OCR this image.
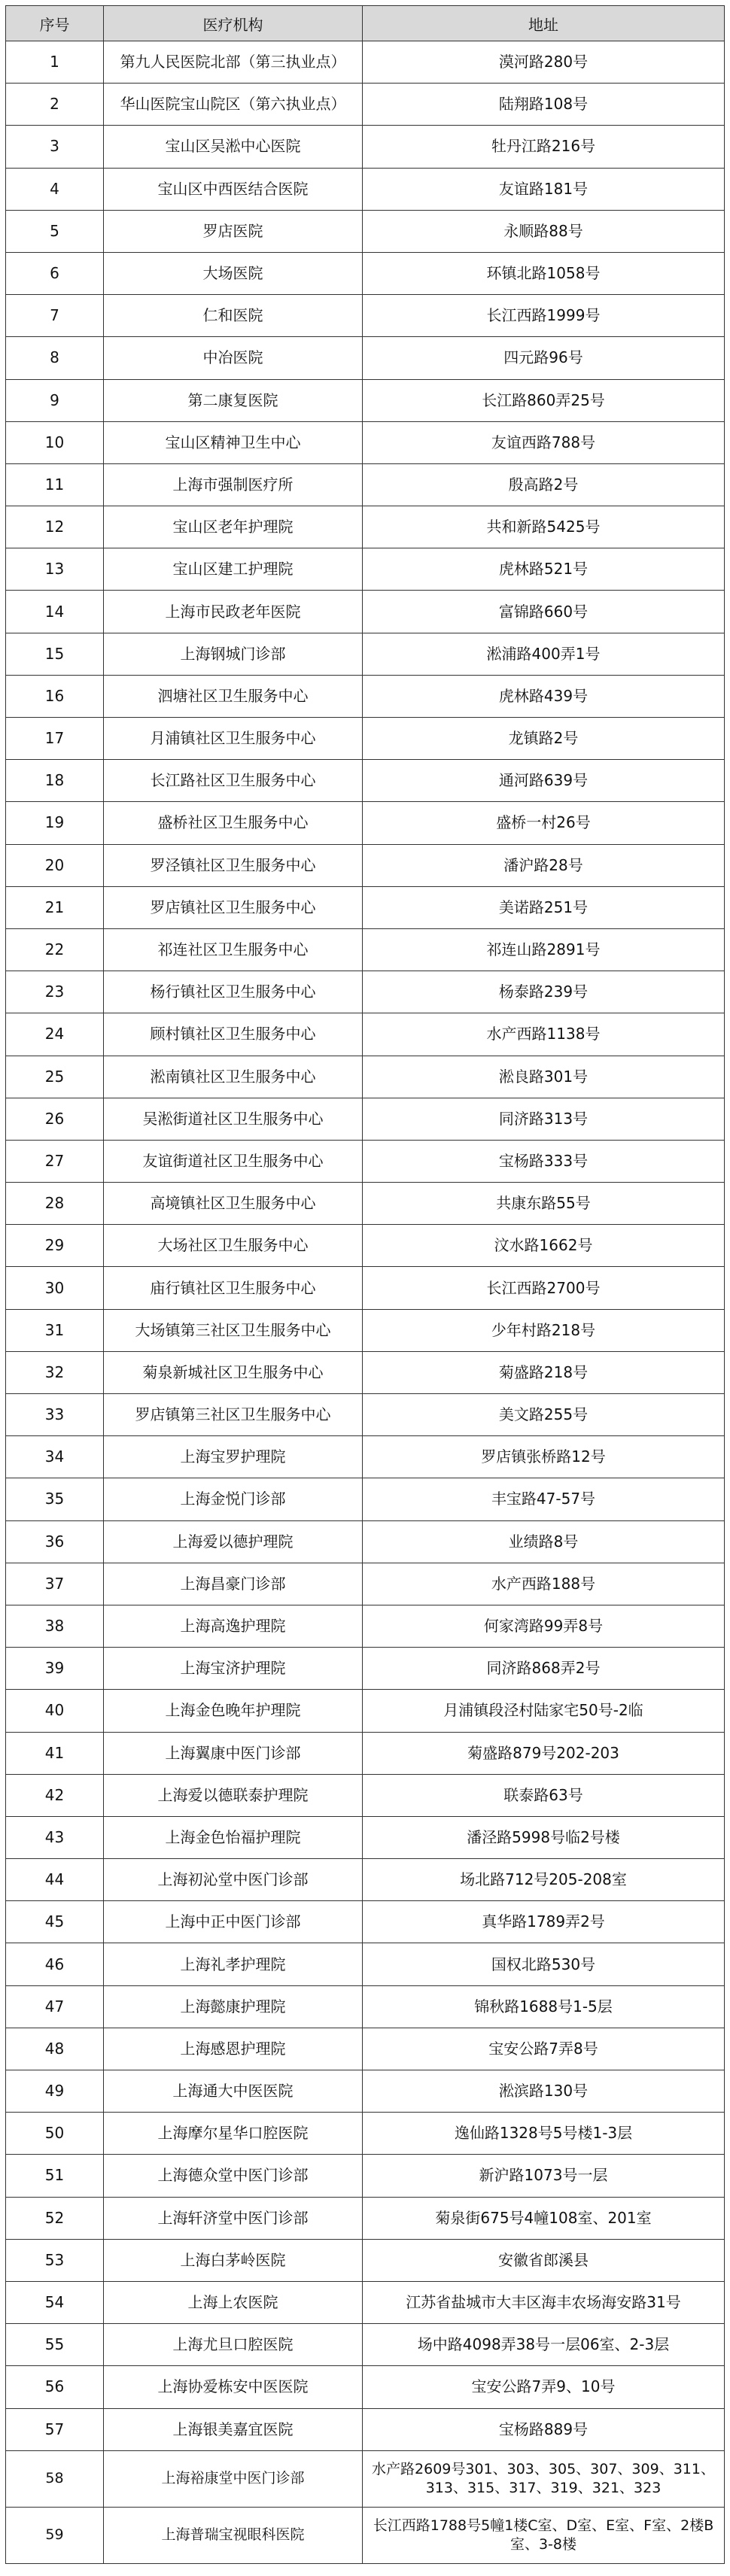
序号	医疗机构	地址
1	第九人民医院北部（第三执业点）	漠河路280号
2	华山医院宝山院区（第六执业点）	陆翔路108号
3	宝山区吴淞中心医院	牡丹江路216号
4	宝山区中西医结合医院	友谊路181号
5	罗店医院	永顺路88号
6	大场医院	环镇北路1058号
7	仁和医院	长江西路1999号
8	中冶医院	四元路96号
9	第二康复医院	长江路860弄25号
10	宝山区精神卫生中心	友谊西路788号
11	上海市强制医疗所	殷高路2号
12	宝山区老年护理院	共和新路5425号
13	宝山区建工护理院	虎林路521号
14	上海市民政老年医院	富锦路660号
15	上海钢城门诊部	淞浦路400弄1号
16	泗塘社区卫生服务中心	虎林路439号
17	月浦镇社区卫生服务中心	龙镇路2号
18	长江路社区卫生服务中心	通河路639号
19	盛桥社区卫生服务中心	盛桥一村26号
20	罗泾镇社区卫生服务中心	潘沪路28号
21	罗店镇社区卫生服务中心	美诺路251号
22	祁连社区卫生服务中心	祁连山路2891号
23	杨行镇社区卫生服务中心	杨泰路239号
24	顾村镇社区卫生服务中心	水产西路1138号
25	淞南镇社区卫生服务中心	淞良路301号
26	吴淞街道社区卫生服务中心	同济路313号
27	友谊街道社区卫生服务中心	宝杨路333号
28	高境镇社区卫生服务中心	共康东路55号
29	大场社区卫生服务中心	汶水路1662号
30	庙行镇社区卫生服务中心	长江西路2700号
31	大场镇第三社区卫生服务中心	少年村路218号
32	菊泉新城社区卫生服务中心	菊盛路218号
33	罗店镇第三社区卫生服务中心	美文路255号
34	上海宝罗护理院	罗店镇张桥路12号
35	上海金悦门诊部	丰宝路47-57号
36	上海爱以德护理院	业绩路8号
37	上海昌豪门诊部	水产西路188号
38	上海高逸护理院	何家湾路99弄8号
39	上海宝济护理院	同济路868弄2号
40	上海金色晚年护理院	月浦镇段泾村陆家宅50号-2临
41	上海翼康中医门诊部	菊盛路879号202-203
42	上海爱以德联泰护理院	联泰路63号
43	上海金色怡福护理院	潘泾路5998号临2号楼
44	上海初沁堂中医门诊部	场北路712号205-208室
45	上海中正中医门诊部	真华路1789弄2号
46	上海礼孝护理院	国权北路530号
47	上海懿康护理院	锦秋路1688号1-5层
48	上海感恩护理院	宝安公路7弄8号
49	上海通大中医医院	淞滨路130号
50	上海摩尔星华口腔医院	逸仙路1328号5号楼1-3层
51	上海德众堂中医门诊部	新沪路1073号一层
52	上海轩济堂中医门诊部	菊泉街675号4幢108室、201室
53	上海白茅岭医院	安徽省郎溪县
54	上海上农医院	江苏省盐城市大丰区海丰农场海安路31号
55	上海尤旦口腔医院	场中路4098弄38号一层06室、2-3层
56	上海协爱栋安中医医院	宝安公路7弄9、10号
57	上海银美嘉宜医院	宝杨路889号
58	上海裕康堂中医门诊部	水产路2609号301、303、305、307、309、311、313、315、317、319、321、323
59	上海普瑞宝视眼科医院	长江西路1788号5幢1楼C室、D室、E室、F室、2楼B室、3-8楼
